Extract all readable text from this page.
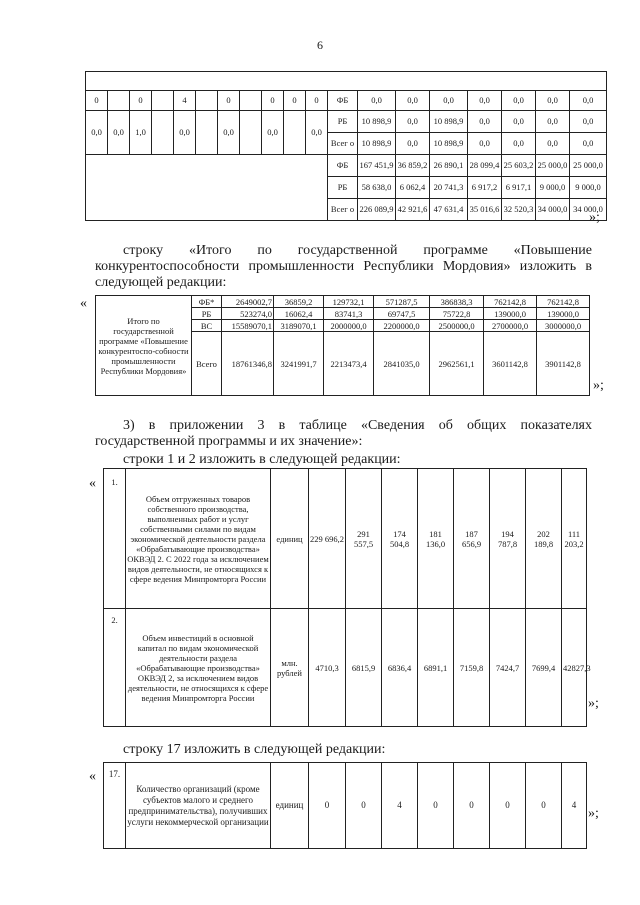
6

0		0		4		0		0	0	0	ФБ	0,0	0,0	0,0	0,0	0,0	0,0	0,0
0,0	0,0	1,0		0,0		0,0		0,0		0,0	РБ	10 898,9	0,0	10 898,9	0,0	0,0	0,0	0,0
											Всег о	10 898,9	0,0	10 898,9	0,0	0,0	0,0	0,0
											ФБ	167 451,9	36 859,2	26 890,1	28 099,4	25 603,2	25 000,0	25 000,0
											РБ	58 638,0	6 062,4	20 741,3	6 917,2	6 917,1	9 000,0	9 000,0
											Всег о	226 089,9	42 921,6	47 631,4	35 016,6	32 520,3	34 000,0	34 000,0
»;
строку «Итого по государственной программе «Повышение конкурентоспособности промышленности Республики Мордовия» изложить в следующей редакции:
«
Итого по государственной программе «Повышение конкурентоспо-собности промышленности Республики Мордовия»	ФБ*	2649002,7	36859,2	129732,1	571287,5	386838,3	762142,8	762142,8
	РБ	523274,0	16062,4	83741,3	69747,5	75722,8	139000,0	139000,0
	ВС	15589070,1	3189070,1	2000000,0	2200000,0	2500000,0	2700000,0	3000000,0
	Всего	18761346,8	3241991,7	2213473,4	2841035,0	2962561,1	3601142,8	3901142,8
»;
3) в приложении 3 в таблице «Сведения об общих показателях государственной программы и их значение»:
строки 1 и 2 изложить в следующей редакции:
« 1.	Объем отгруженных товаров собственного производства, выполненных работ и услуг собственными силами по видам экономической деятельности раздела «Обрабатывающие производства» ОКВЭД 2. С 2022 года за исключением видов деятельности, не относящихся к сфере ведения Минпромторга России	единиц	229 696,2	291 557,5	174 504,8	181 136,0	187 656,9	194 787,8	202 189,8	111 203,2
2.	Объем инвестиций в основной капитал по видам экономической деятельности раздела «Обрабатывающие производства» ОКВЭД 2, за исключением видов деятельности, не относящихся к сфере ведения Минпромторга России	млн. рублей	4710,3	6815,9	6836,4	6891,1	7159,8	7424,7	7699,4	42827,3
»;
строку 17 изложить в следующей редакции:
« 17.	Количество организаций (кроме субъектов малого и среднего предпринимательства), получивших услуги некоммерческой организации	единиц	0	0	4	0	0	0	0	4
»;
